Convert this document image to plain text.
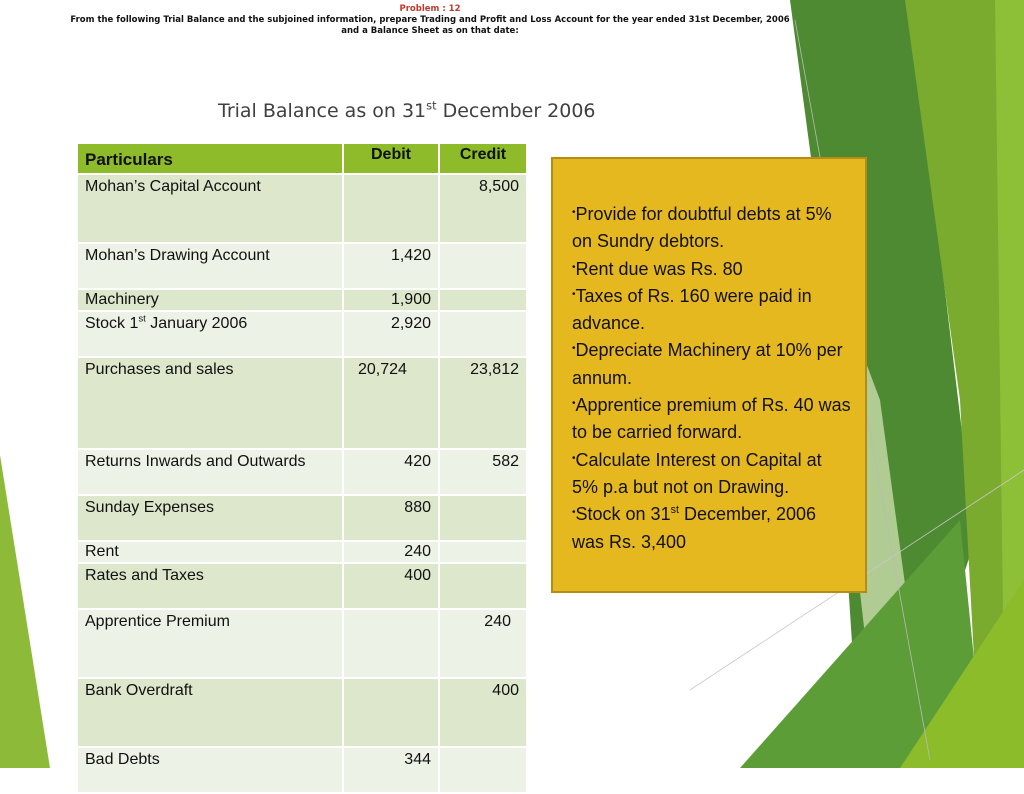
Problem : 12
From the following Trial Balance and the subjoined information, prepare Trading and Profit and Loss Account for the year ended 31st December, 2006 and a Balance Sheet as on that date:
Trial Balance as on 31st December 2006
Particulars	Debit	Credit
Mohan’s Capital Account		8,500
Mohan’s Drawing Account	1,420	
Machinery	1,900	
Stock 1st January 2006	2,920	
Purchases and sales	20,724	23,812
Returns Inwards and Outwards	420	582
Sunday Expenses	880	
Rent	240	
Rates and Taxes	400	
Apprentice Premium		240
Bank Overdraft		400
Bad Debts	344	
•Provide for doubtful debts at 5% on Sundry debtors.
•Rent due was Rs. 80
•Taxes of Rs. 160 were paid in advance.
•Depreciate Machinery at 10% per annum.
•Apprentice premium of Rs. 40 was to be carried forward.
•Calculate Interest on Capital at 5% p.a but not on Drawing.
•Stock on 31st December, 2006 was Rs. 3,400
